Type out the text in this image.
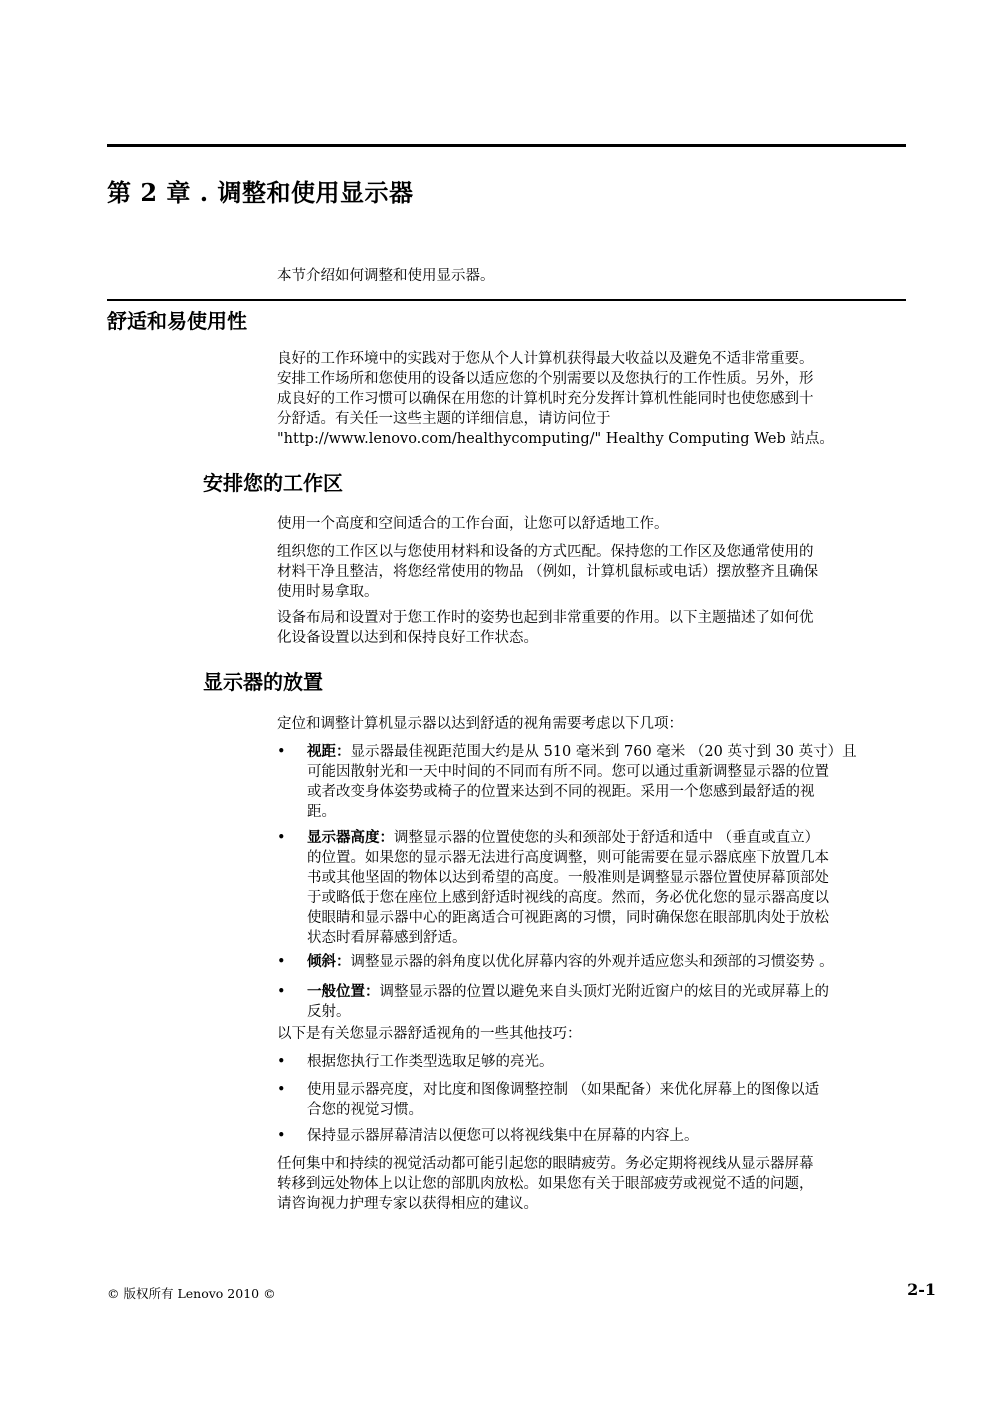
第 2 章 . 调整和使用显示器
本节介绍如何调整和使用显示器。
舒适和易使用性
良好的工作环境中的实践对于您从个人计算机获得最大收益以及避免不适非常重要。
安排工作场所和您使用的设备以适应您的个别需要以及您执行的工作性质。另外，形
成良好的工作习惯可以确保在用您的计算机时充分发挥计算机性能同时也使您感到十
分舒适。有关任一这些主题的详细信息，请访问位于
"http://www.lenovo.com/healthycomputing/" Healthy Computing Web 站点。
安排您的工作区
使用一个高度和空间适合的工作台面，让您可以舒适地工作。
组织您的工作区以与您使用材料和设备的方式匹配。保持您的工作区及您通常使用的
材料干净且整洁，将您经常使用的物品 （例如，计算机鼠标或电话）摆放整齐且确保
使用时易拿取。
设备布局和设置对于您工作时的姿势也起到非常重要的作用。以下主题描述了如何优
化设备设置以达到和保持良好工作状态。
显示器的放置
定位和调整计算机显示器以达到舒适的视角需要考虑以下几项：
• 视距：显示器最佳视距范围大约是从 510 毫米到 760 毫米 （20 英寸到 30 英寸）且
可能因散射光和一天中时间的不同而有所不同。您可以通过重新调整显示器的位置
或者改变身体姿势或椅子的位置来达到不同的视距。采用一个您感到最舒适的视
距。
• 显示器高度：调整显示器的位置使您的头和颈部处于舒适和适中 （垂直或直立）
的位置。如果您的显示器无法进行高度调整，则可能需要在显示器底座下放置几本
书或其他坚固的物体以达到希望的高度。一般准则是调整显示器位置使屏幕顶部处
于或略低于您在座位上感到舒适时视线的高度。然而，务必优化您的显示器高度以
使眼睛和显示器中心的距离适合可视距离的习惯，同时确保您在眼部肌肉处于放松
状态时看屏幕感到舒适。
• 倾斜：调整显示器的斜角度以优化屏幕内容的外观并适应您头和颈部的习惯姿势 。
• 一般位置：调整显示器的位置以避免来自头顶灯光附近窗户的炫目的光或屏幕上的
反射。
以下是有关您显示器舒适视角的一些其他技巧：
• 根据您执行工作类型选取足够的亮光。
• 使用显示器亮度，对比度和图像调整控制 （如果配备）来优化屏幕上的图像以适
合您的视觉习惯。
• 保持显示器屏幕清洁以便您可以将视线集中在屏幕的内容上。
任何集中和持续的视觉活动都可能引起您的眼睛疲劳。务必定期将视线从显示器屏幕
转移到远处物体上以让您的部肌肉放松。如果您有关于眼部疲劳或视觉不适的问题，
请咨询视力护理专家以获得相应的建议。
© 版权所有 Lenovo 2010 ©	2-1
